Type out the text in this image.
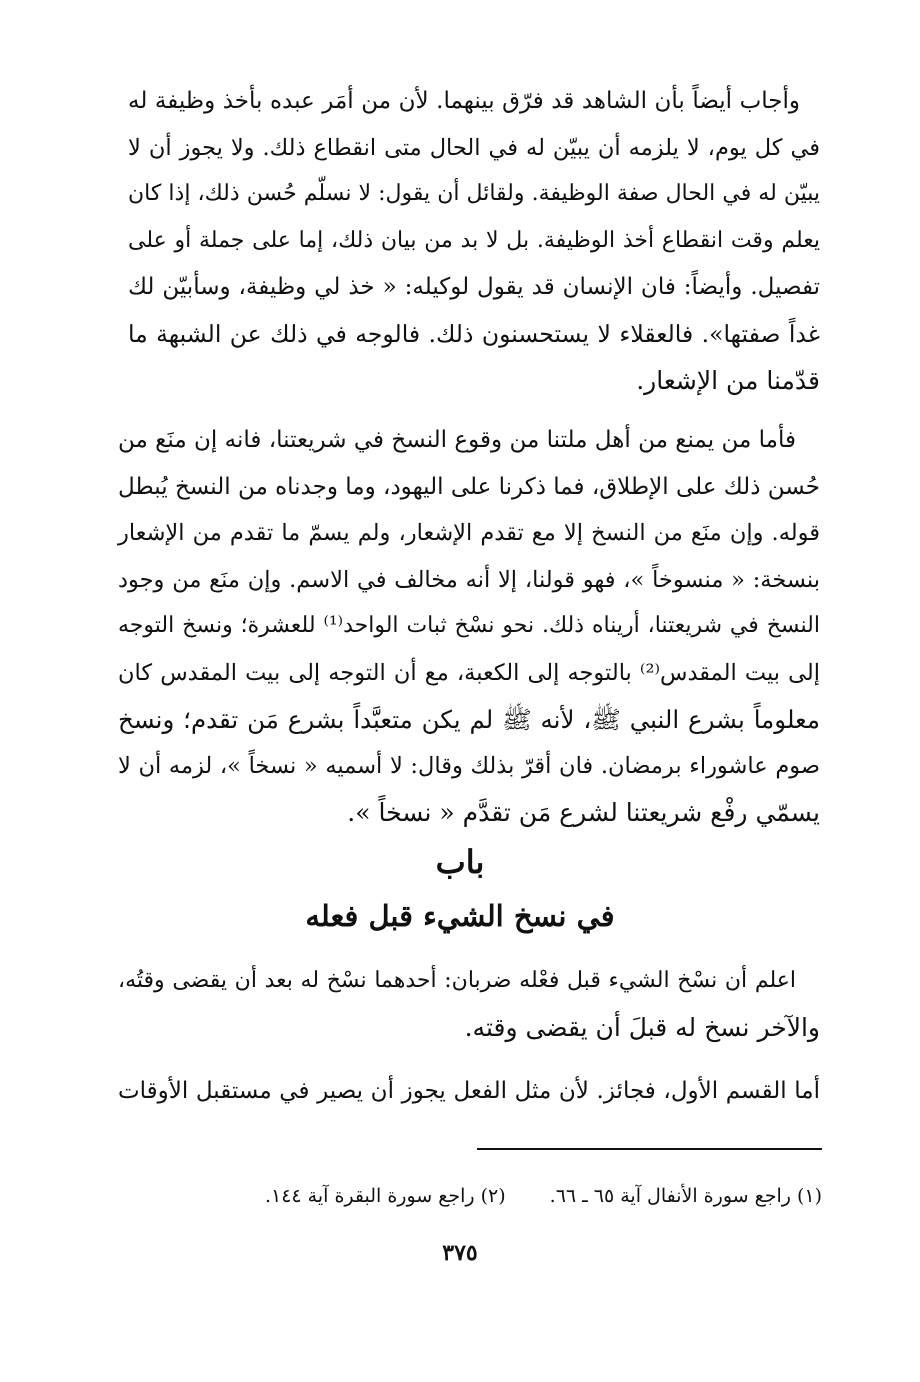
وأجاب أيضاً بأن الشاهد قد فرّق بينهما. لأن من أمَر عبده بأخذ وظيفة له
في كل يوم، لا يلزمه أن يبيّن له في الحال متى انقطاع ذلك. ولا يجوز أن لا
يبيّن له في الحال صفة الوظيفة. ولقائل أن يقول: لا نسلّم حُسن ذلك، إذا كان
يعلم وقت انقطاع أخذ الوظيفة. بل لا بد من بيان ذلك، إما على جملة أو على
تفصيل. وأيضاً: فان الإنسان قد يقول لوكيله: « خذ لي وظيفة، وسأبيّن لك
غداً صفتها». فالعقلاء لا يستحسنون ذلك. فالوجه في ذلك عن الشبهة ما
قدّمنا من الإشعار.
فأما من يمنع من أهل ملتنا من وقوع النسخ في شريعتنا، فانه إن منَع من
حُسن ذلك على الإطلاق، فما ذكرنا على اليهود، وما وجدناه من النسخ يُبطل
قوله. وإن منَع من النسخ إلا مع تقدم الإشعار، ولم يسمّ ما تقدم من الإشعار
بنسخة: « منسوخاً »، فهو قولنا، إلا أنه مخالف في الاسم. وإن منَع من وجود
النسخ في شريعتنا، أريناه ذلك. نحو نسْخ ثبات الواحد⁽¹⁾ للعشرة؛ ونسخ التوجه
إلى بيت المقدس⁽²⁾ بالتوجه إلى الكعبة، مع أن التوجه إلى بيت المقدس كان
معلوماً بشرع النبي ﷺ، لأنه ﷺ لم يكن متعبَّداً بشرع مَن تقدم؛ ونسخ
صوم عاشوراء برمضان. فان أقرّ بذلك وقال: لا أسميه « نسخاً »، لزمه أن لا
يسمّي رفْع شريعتنا لشرع مَن تقدَّم « نسخاً ».
باب
في نسخ الشيء قبل فعله
اعلم أن نسْخ الشيء قبل فعْله ضربان: أحدهما نسْخ له بعد أن يقضى وقتُه،
والآخر نسخ له قبلَ أن يقضى وقته.
أما القسم الأول، فجائز. لأن مثل الفعل يجوز أن يصير في مستقبل الأوقات
(١) راجع سورة الأنفال آية ٦٥ ـ ٦٦.(٢) راجع سورة البقرة آية ١٤٤.
٣٧٥
